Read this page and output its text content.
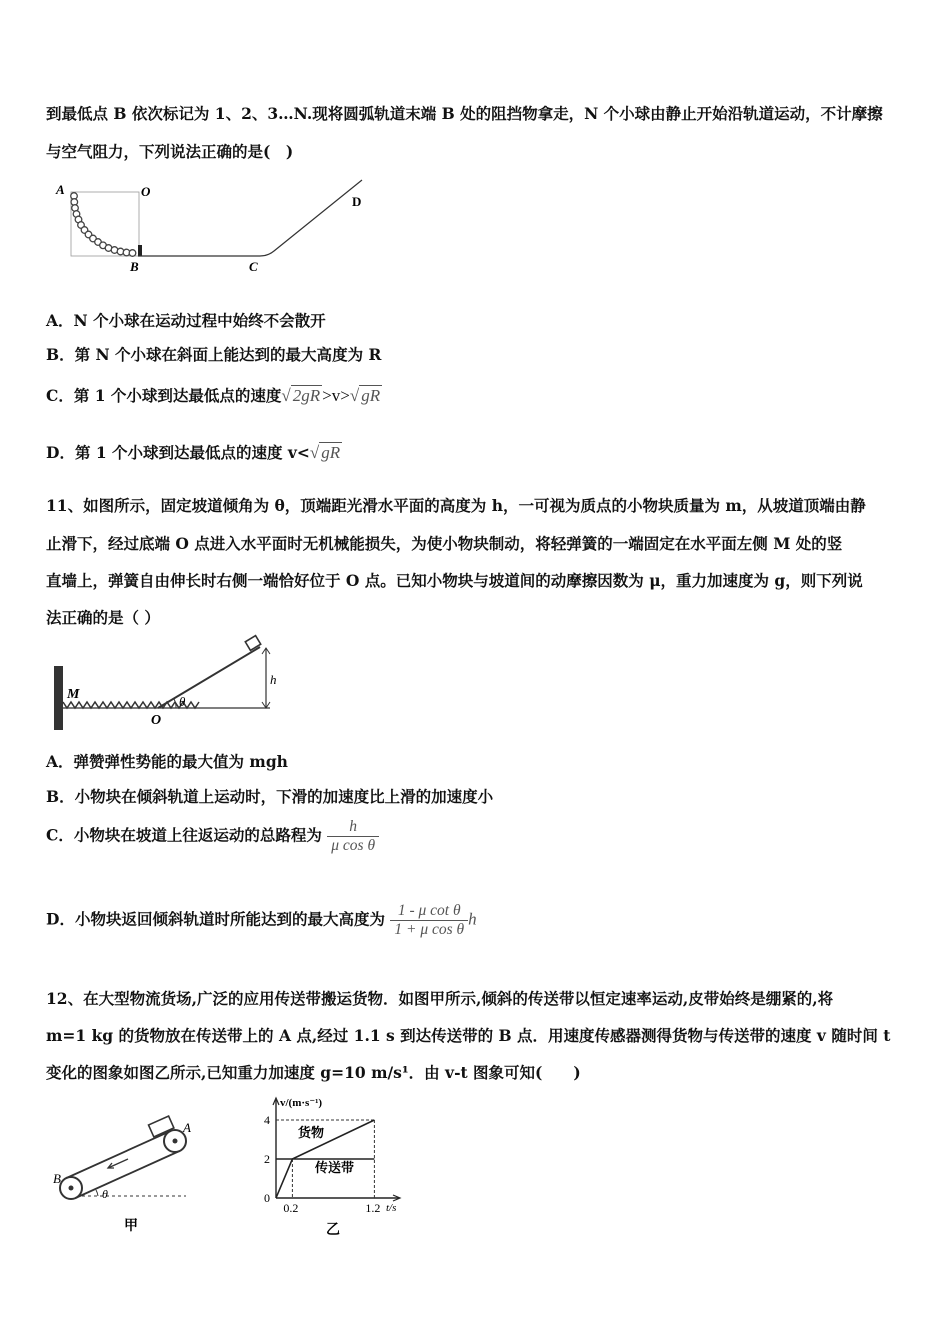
到最低点 B 依次标记为 1、2、3…N.现将圆弧轨道末端 B 处的阻挡物拿走，N 个小球由静止开始沿轨道运动，不计摩擦
与空气阻力，下列说法正确的是(　)
A	O
B	C
D
A．N 个小球在运动过程中始终不会散开
B．第 N 个小球在斜面上能达到的最大高度为 R
C．第 1 个小球到达最低点的速度√ 2gR >v>√ gR
D．第 1 个小球到达最低点的速度 v<√ gR
11、如图所示，固定坡道倾角为 θ，顶端距光滑水平面的高度为 h，一可视为质点的小物块质量为 m，从坡道顶端由静
止滑下，经过底端 O 点进入水平面时无机械能损失，为使小物块制动，将轻弹簧的一端固定在水平面左侧 M 处的竖
直墙上，弹簧自由伸长时右侧一端恰好位于 O 点。已知小物块与坡道间的动摩擦因数为 μ，重力加速度为 g，则下列说
法正确的是（ ）
M
O
θ
h
A．弹赞弹性势能的最大值为 mgh
B．小物块在倾斜轨道上运动时，下滑的加速度比上滑的加速度小
C．小物块在坡道上往返运动的总路程为 $\frac{h}{\text{μ cos θ}}$
D．小物块返回倾斜轨道时所能达到的最大高度为 $\frac{\text{1 - μ cot θ}}{\text{1 + μ cos θ}}$ h
12、在大型物流货场,广泛的应用传送带搬运货物．如图甲所示,倾斜的传送带以恒定速率运动,皮带始终是绷紧的,将
m=1 kg 的货物放在传送带上的 A 点,经过 1.1 s 到达传送带的 B 点．用速度传感器测得货物与传送带的速度 v 随时间 t
变化的图象如图乙所示,已知重力加速度 g=10 m/s¹．由 v-t 图象可知(　　)
B
A
θ
甲
4
2
0
0.2	1.2
v/(m·s⁻¹)
t/s
货物
传送带
乙
